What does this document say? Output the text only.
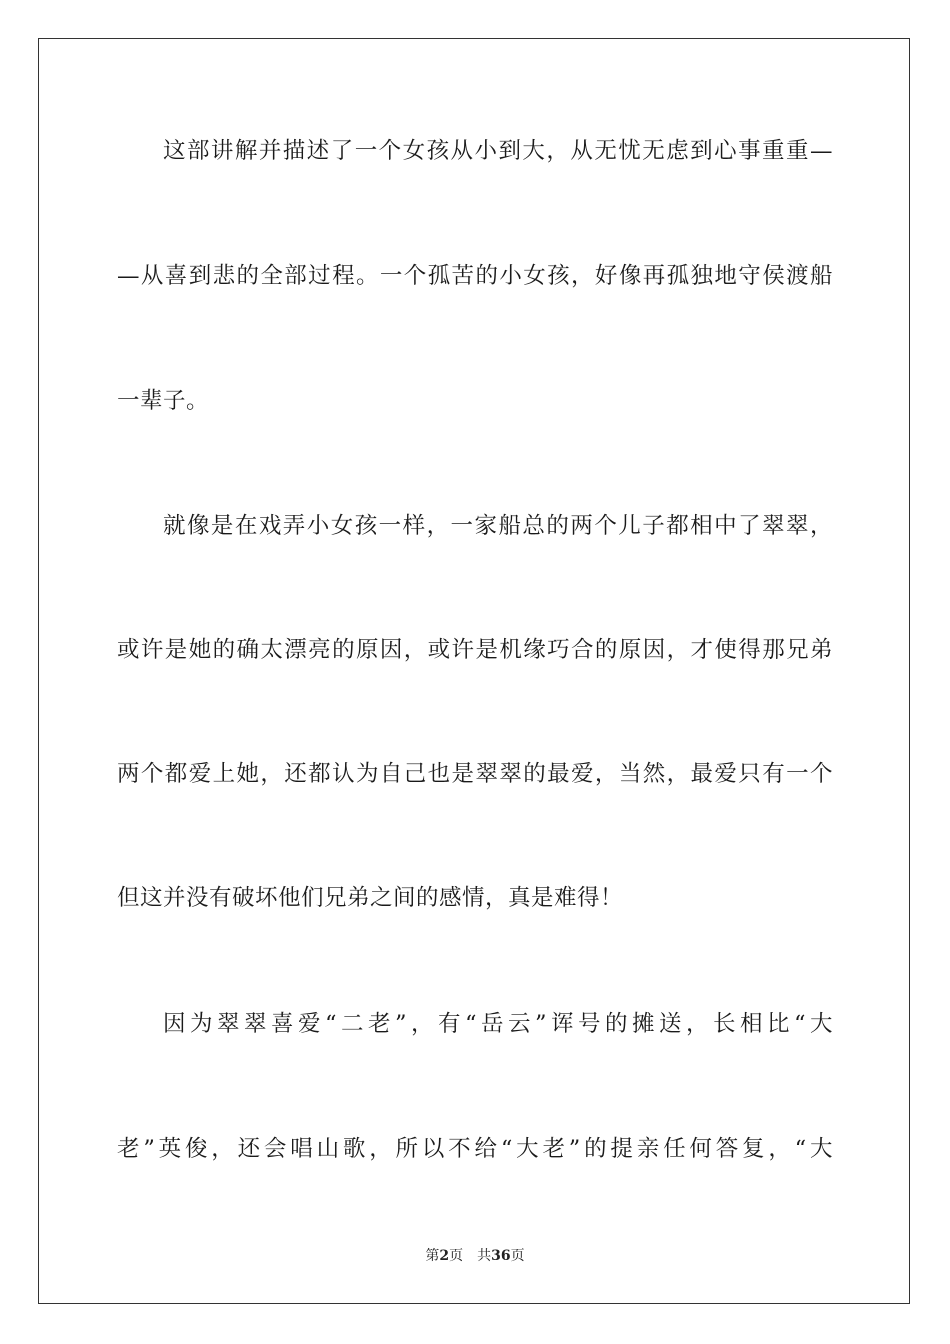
这部讲解并描述了一个女孩从小到大，从无忧无虑到心事重重—
—从喜到悲的全部过程。一个孤苦的小女孩，好像再孤独地守侯渡船
一辈子。
就像是在戏弄小女孩一样，一家船总的两个儿子都相中了翠翠，
或许是她的确太漂亮的原因，或许是机缘巧合的原因，才使得那兄弟
两个都爱上她，还都认为自己也是翠翠的最爱，当然，最爱只有一个
但这并没有破坏他们兄弟之间的感情，真是难得！
因为翠翠喜爱“二老”，有“岳云”诨号的摊送，长相比“大
老”英俊，还会唱山歌，所以不给“大老”的提亲任何答复，“大
第2页 共36页
